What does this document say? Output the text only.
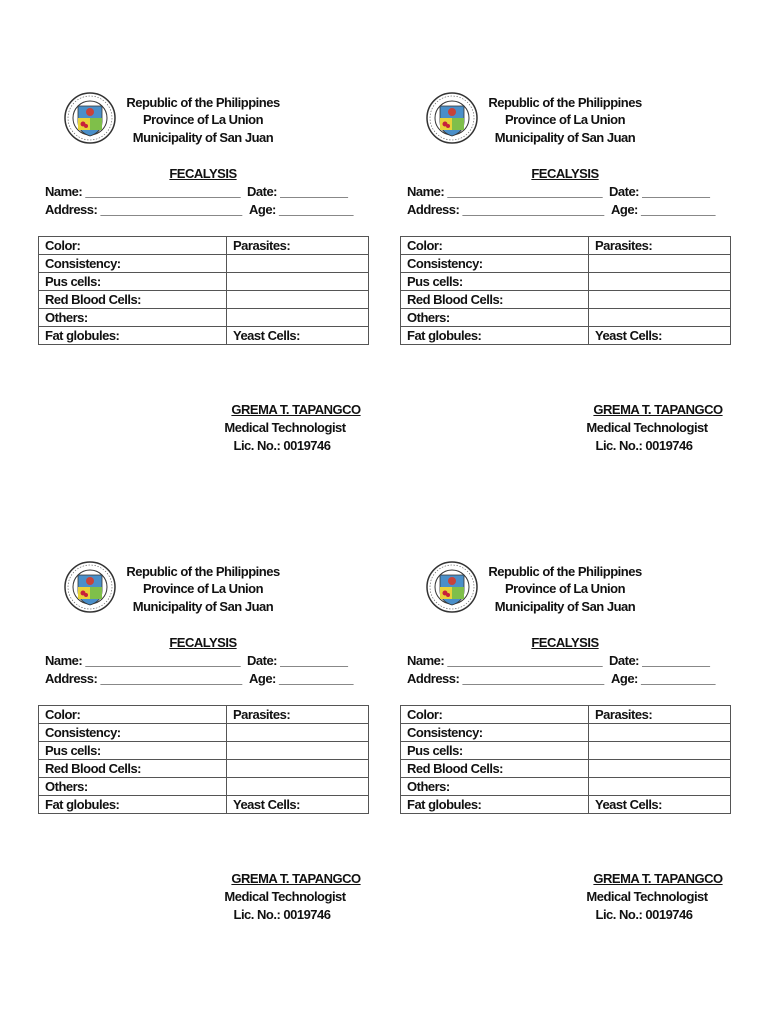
Republic of the Philippines
Province of La Union
Municipality of San Juan
FECALYSIS
Name: _______________________ Date: __________
Address: _____________________ Age: ___________
Color:	Parasites:
Consistency:	
Pus cells:	
Red Blood Cells:	
Others:	
Fat globules:	Yeast Cells:
GREMA T. TAPANGCO
Medical Technologist
Lic. No.: 0019746
Republic of the Philippines
Province of La Union
Municipality of San Juan
FECALYSIS
Name: _______________________ Date: __________
Address: _____________________ Age: ___________
Color:	Parasites:
Consistency:	
Pus cells:	
Red Blood Cells:	
Others:	
Fat globules:	Yeast Cells:
GREMA T. TAPANGCO
Medical Technologist
Lic. No.: 0019746
Republic of the Philippines
Province of La Union
Municipality of San Juan
FECALYSIS
Name: _______________________ Date: __________
Address: _____________________ Age: ___________
Color:	Parasites:
Consistency:	
Pus cells:	
Red Blood Cells:	
Others:	
Fat globules:	Yeast Cells:
GREMA T. TAPANGCO
Medical Technologist
Lic. No.: 0019746
Republic of the Philippines
Province of La Union
Municipality of San Juan
FECALYSIS
Name: _______________________ Date: __________
Address: _____________________ Age: ___________
Color:	Parasites:
Consistency:	
Pus cells:	
Red Blood Cells:	
Others:	
Fat globules:	Yeast Cells:
GREMA T. TAPANGCO
Medical Technologist
Lic. No.: 0019746
